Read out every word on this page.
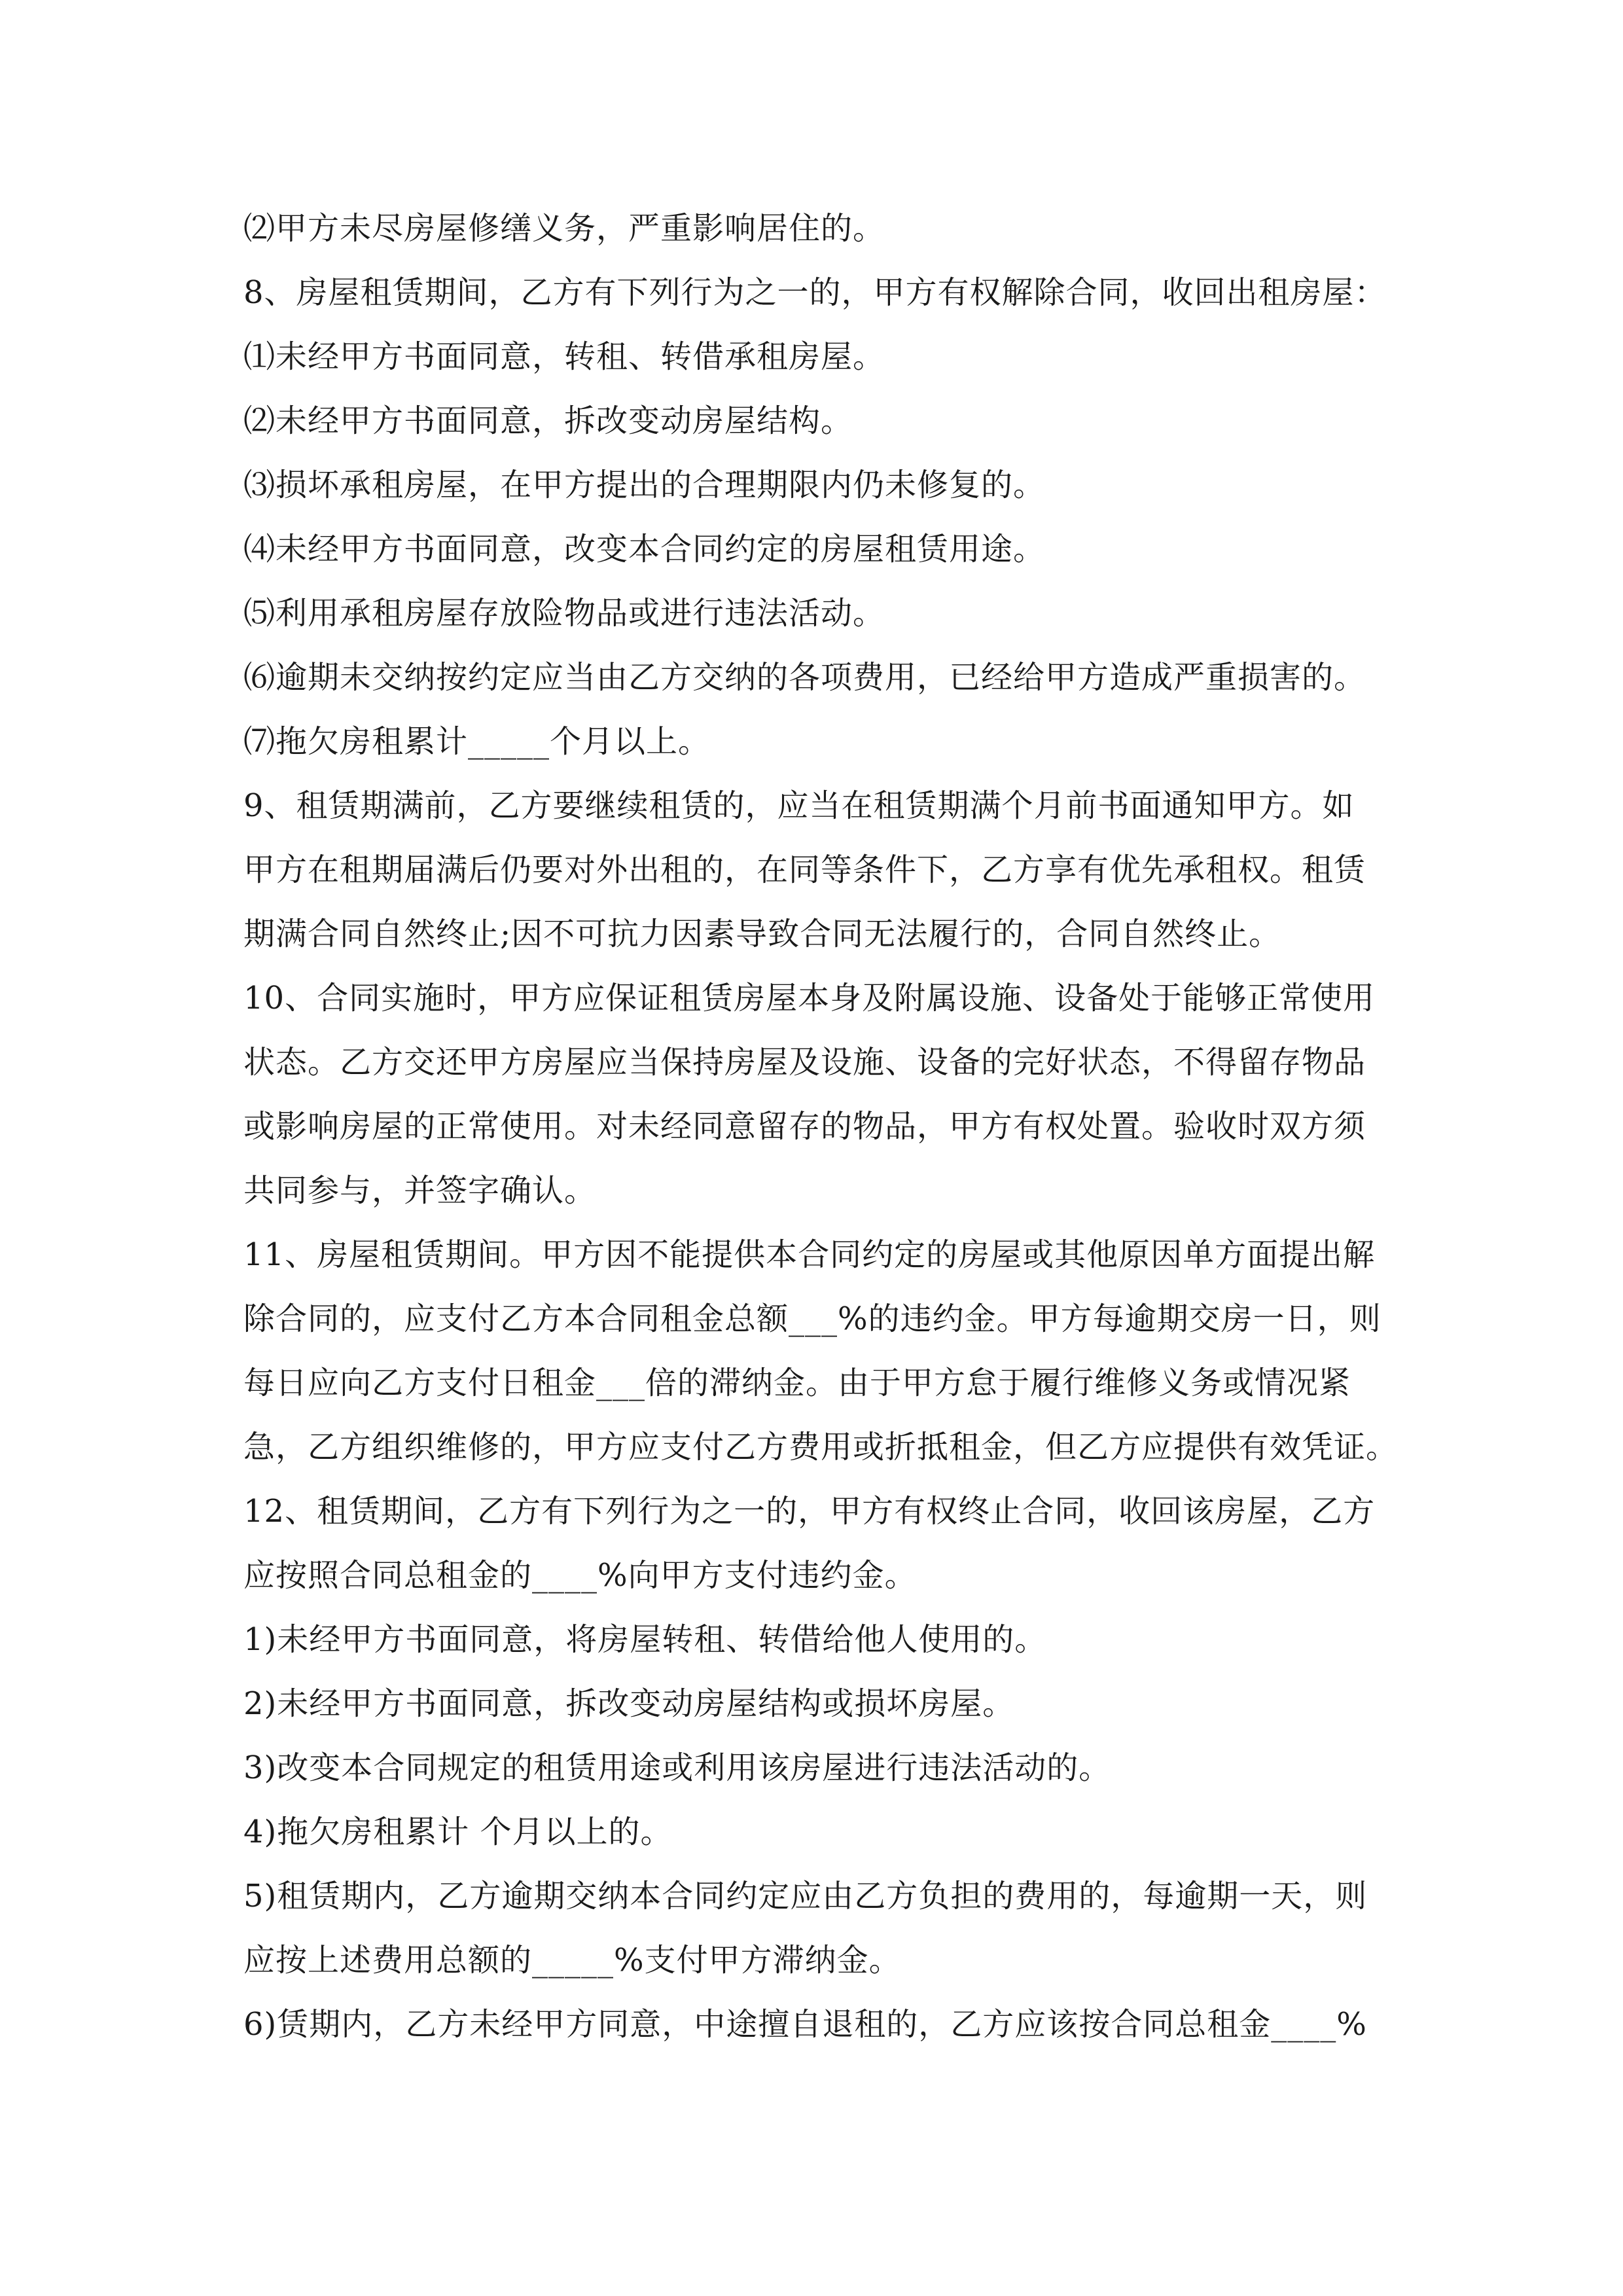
⑵甲方未尽房屋修缮义务，严重影响居住的。
8、房屋租赁期间，乙方有下列行为之一的，甲方有权解除合同，收回出租房屋：
⑴未经甲方书面同意，转租、转借承租房屋。
⑵未经甲方书面同意，拆改变动房屋结构。
⑶损坏承租房屋，在甲方提出的合理期限内仍未修复的。
⑷未经甲方书面同意，改变本合同约定的房屋租赁用途。
⑸利用承租房屋存放险物品或进行违法活动。
⑹逾期未交纳按约定应当由乙方交纳的各项费用，已经给甲方造成严重损害的。
⑺拖欠房租累计_____个月以上。
9、租赁期满前，乙方要继续租赁的，应当在租赁期满个月前书面通知甲方。如
甲方在租期届满后仍要对外出租的，在同等条件下，乙方享有优先承租权。租赁
期满合同自然终止;因不可抗力因素导致合同无法履行的，合同自然终止。
10、合同实施时，甲方应保证租赁房屋本身及附属设施、设备处于能够正常使用
状态。乙方交还甲方房屋应当保持房屋及设施、设备的完好状态，不得留存物品
或影响房屋的正常使用。对未经同意留存的物品，甲方有权处置。验收时双方须
共同参与，并签字确认。
11、房屋租赁期间。甲方因不能提供本合同约定的房屋或其他原因单方面提出解
除合同的，应支付乙方本合同租金总额___%的违约金。甲方每逾期交房一日，则
每日应向乙方支付日租金___倍的滞纳金。由于甲方怠于履行维修义务或情况紧
急，乙方组织维修的，甲方应支付乙方费用或折抵租金，但乙方应提供有效凭证。
12、租赁期间，乙方有下列行为之一的，甲方有权终止合同，收回该房屋，乙方
应按照合同总租金的____%向甲方支付违约金。
1)未经甲方书面同意，将房屋转租、转借给他人使用的。
2)未经甲方书面同意，拆改变动房屋结构或损坏房屋。
3)改变本合同规定的租赁用途或利用该房屋进行违法活动的。
4)拖欠房租累计 个月以上的。
5)租赁期内，乙方逾期交纳本合同约定应由乙方负担的费用的，每逾期一天，则
应按上述费用总额的_____%支付甲方滞纳金。
6)赁期内，乙方未经甲方同意，中途擅自退租的，乙方应该按合同总租金____%
